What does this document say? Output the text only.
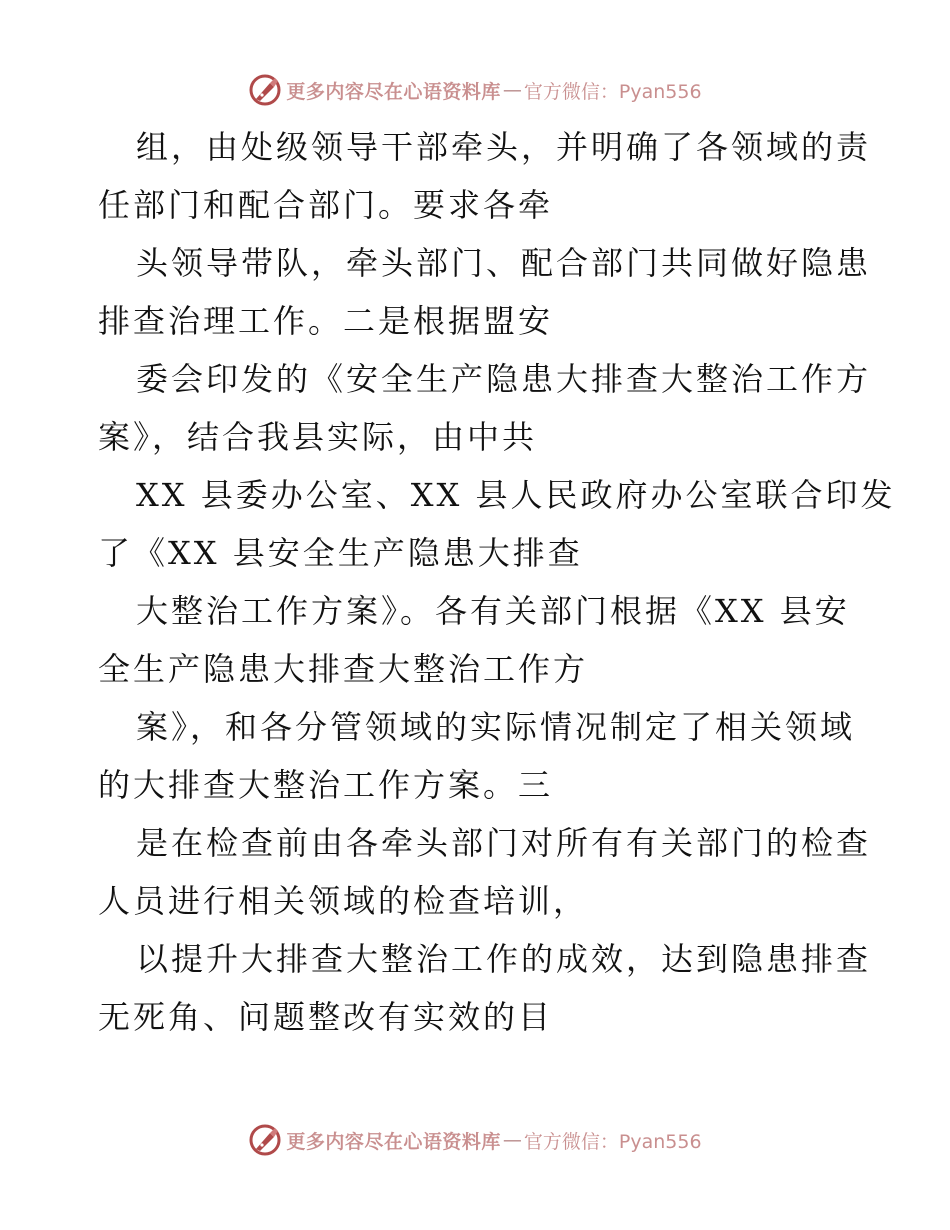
更多内容尽在心语资料库 — 官方微信：Pyan556
组，由处级领导干部牵头，并明确了各领域的责
任部门和配合部门。要求各牵
头领导带队，牵头部门、配合部门共同做好隐患
排查治理工作。二是根据盟安
委会印发的《安全生产隐患大排查大整治工作方
案》，结合我县实际，由中共
XX 县委办公室、XX 县人民政府办公室联合印发
了《XX 县安全生产隐患大排查
大整治工作方案》。各有关部门根据《XX 县安
全生产隐患大排查大整治工作方
案》，和各分管领域的实际情况制定了相关领域
的大排查大整治工作方案。三
是在检查前由各牵头部门对所有有关部门的检查
人员进行相关领域的检查培训，
以提升大排查大整治工作的成效，达到隐患排查
无死角、问题整改有实效的目
更多内容尽在心语资料库 — 官方微信：Pyan556
